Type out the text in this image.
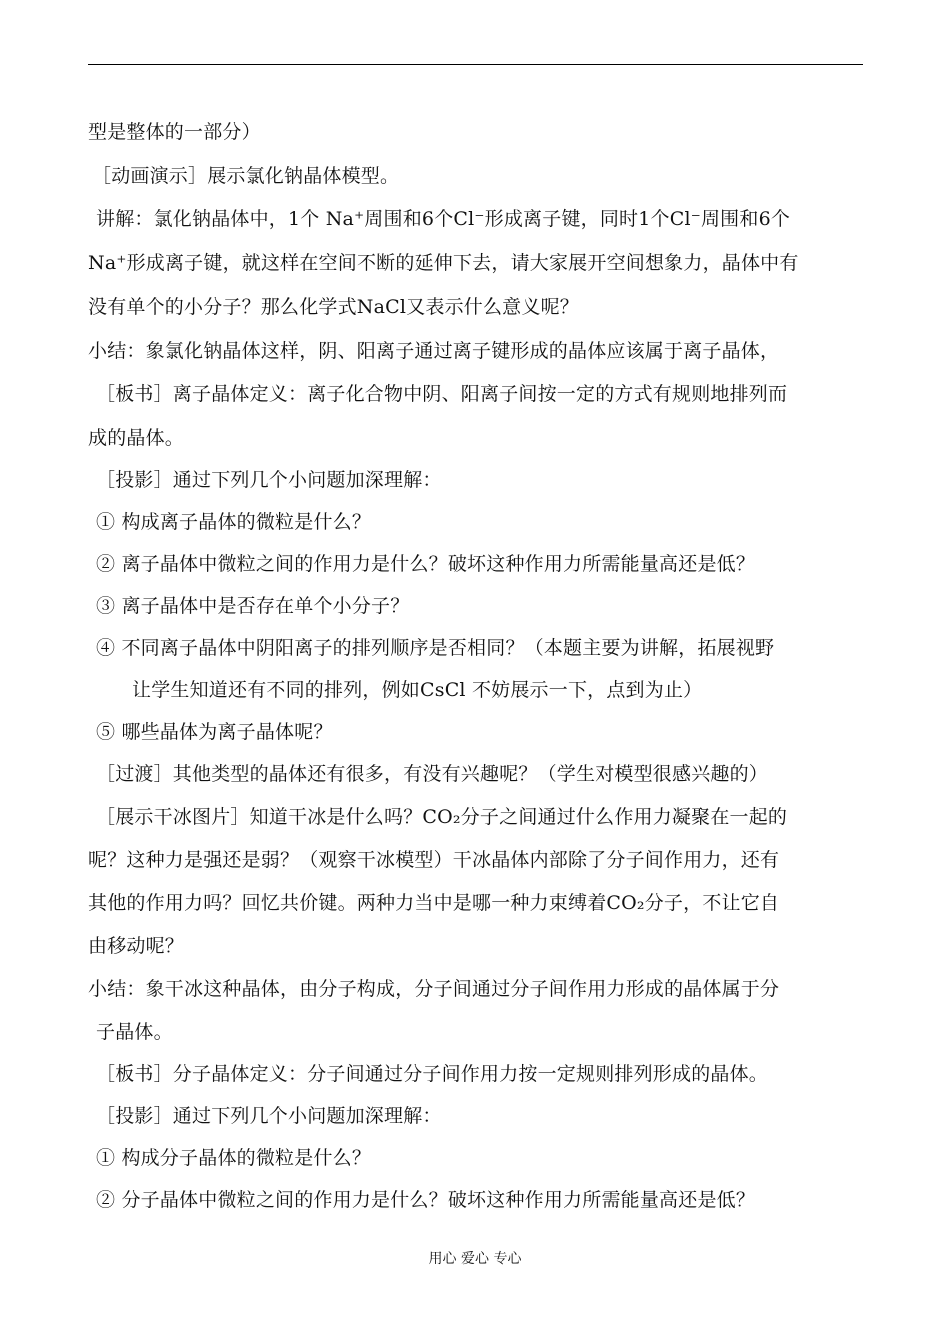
型是整体的一部分）
［动画演示］展示氯化钠晶体模型。
讲解：氯化钠晶体中，1个 Na⁺周围和6个Cl⁻形成离子键，同时1个Cl⁻周围和6个
Na⁺形成离子键，就这样在空间不断的延伸下去，请大家展开空间想象力，晶体中有
没有单个的小分子？那么化学式NaCl又表示什么意义呢？
小结：象氯化钠晶体这样，阴、阳离子通过离子键形成的晶体应该属于离子晶体，
［板书］离子晶体定义：离子化合物中阴、阳离子间按一定的方式有规则地排列而
成的晶体。
［投影］通过下列几个小问题加深理解：
① 构成离子晶体的微粒是什么？
② 离子晶体中微粒之间的作用力是什么？破坏这种作用力所需能量高还是低？
③ 离子晶体中是否存在单个小分子？
④ 不同离子晶体中阴阳离子的排列顺序是否相同？（本题主要为讲解，拓展视野
让学生知道还有不同的排列，例如CsCl 不妨展示一下，点到为止）
⑤ 哪些晶体为离子晶体呢？
［过渡］其他类型的晶体还有很多，有没有兴趣呢？（学生对模型很感兴趣的）
［展示干冰图片］知道干冰是什么吗？CO₂分子之间通过什么作用力凝聚在一起的
呢？这种力是强还是弱？（观察干冰模型）干冰晶体内部除了分子间作用力，还有
其他的作用力吗？回忆共价键。两种力当中是哪一种力束缚着CO₂分子，不让它自
由移动呢？
小结：象干冰这种晶体，由分子构成，分子间通过分子间作用力形成的晶体属于分
子晶体。
［板书］分子晶体定义：分子间通过分子间作用力按一定规则排列形成的晶体。
［投影］通过下列几个小问题加深理解：
① 构成分子晶体的微粒是什么？
② 分子晶体中微粒之间的作用力是什么？破坏这种作用力所需能量高还是低？
用心 爱心 专心
